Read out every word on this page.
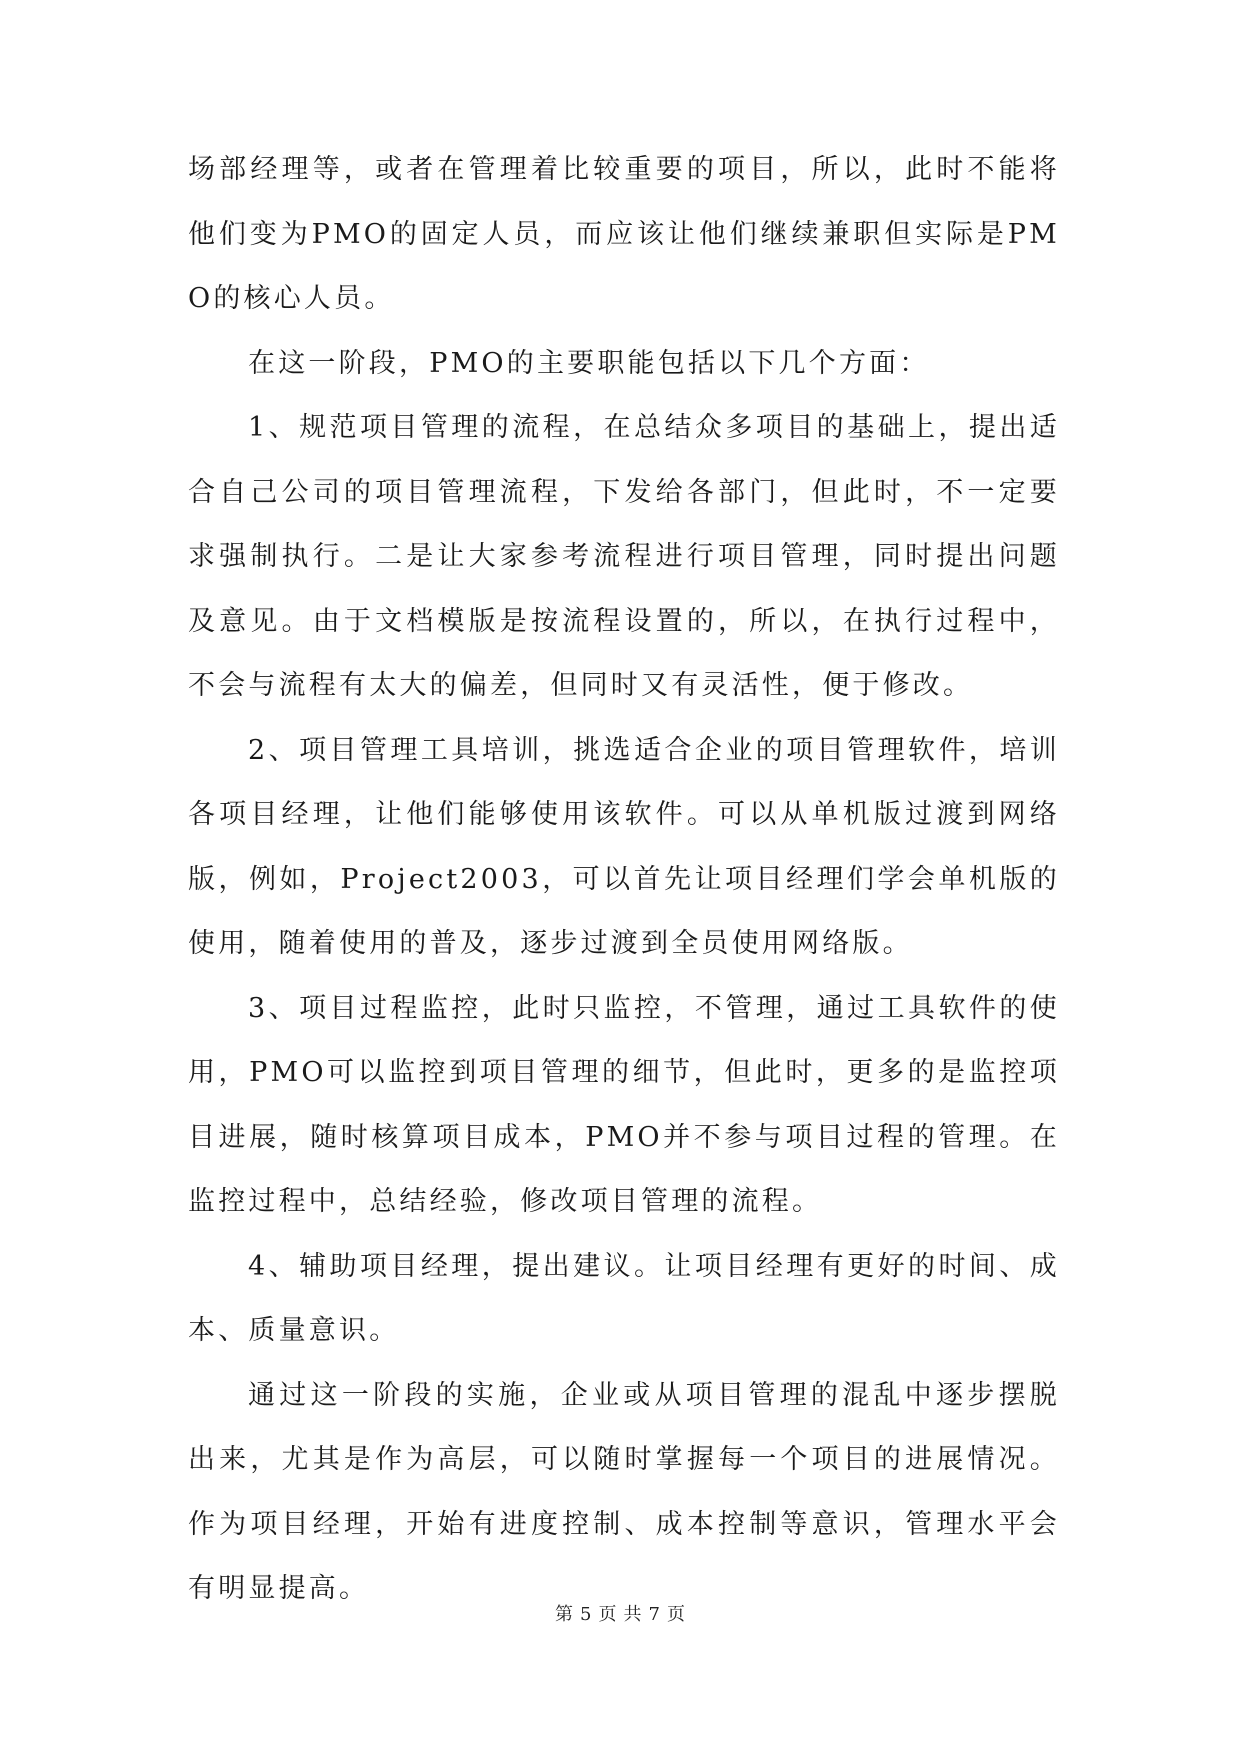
场部经理等，或者在管理着比较重要的项目，所以，此时不能将他们变为PMO的固定人员，而应该让他们继续兼职但实际是PMO的核心人员。

在这一阶段，PMO的主要职能包括以下几个方面：

1、规范项目管理的流程，在总结众多项目的基础上，提出适合自己公司的项目管理流程，下发给各部门，但此时，不一定要求强制执行。二是让大家参考流程进行项目管理，同时提出问题及意见。由于文档模版是按流程设置的，所以，在执行过程中，不会与流程有太大的偏差，但同时又有灵活性，便于修改。

2、项目管理工具培训，挑选适合企业的项目管理软件，培训各项目经理，让他们能够使用该软件。可以从单机版过渡到网络版，例如，Project2003，可以首先让项目经理们学会单机版的使用，随着使用的普及，逐步过渡到全员使用网络版。

3、项目过程监控，此时只监控，不管理，通过工具软件的使用，PMO可以监控到项目管理的细节，但此时，更多的是监控项目进展，随时核算项目成本，PMO并不参与项目过程的管理。在监控过程中，总结经验，修改项目管理的流程。

4、辅助项目经理，提出建议。让项目经理有更好的时间、成本、质量意识。

通过这一阶段的实施，企业或从项目管理的混乱中逐步摆脱出来，尤其是作为高层，可以随时掌握每一个项目的进展情况。作为项目经理，开始有进度控制、成本控制等意识，管理水平会有明显提高。

第 5 页 共 7 页
